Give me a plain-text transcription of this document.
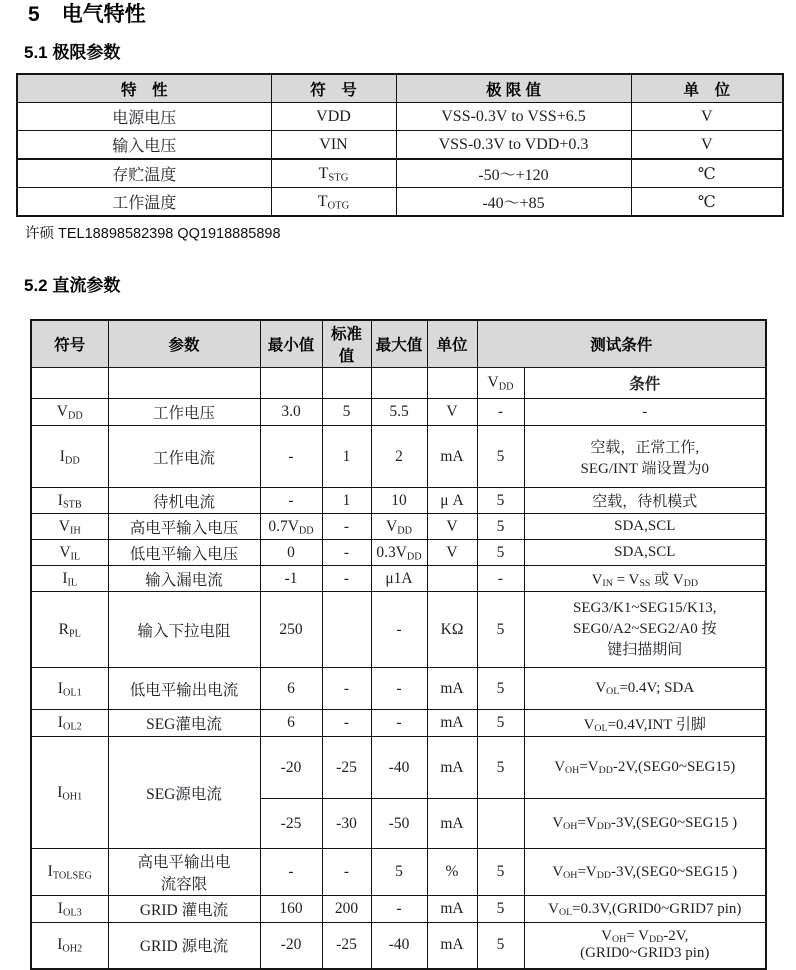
5 电气特性
5.1 极限参数
特　性	符　号	极 限 值	单　位
电源电压	VDD	VSS-0.3V to VSS+6.5	V
输入电压	VIN	VSS-0.3V to VDD+0.3	V
存贮温度	$T_{STG}$	-50～+120	℃
工作温度	$T_{OTG}$	-40～+85	℃
许硕 TEL18898582398 QQ1918885898
5.2 直流参数
符号	参数	最小值	标准值	最大值	单位	测试条件	
						$V_{DD}$	条件
$V_{DD}$	工作电压	3.0	5	5.5	V	-	-
$I_{DD}$	工作电流	-	1	2	mA	5	空载，正常工作,
SEG/INT 端设置为0
$I_{STB}$	待机电流	-	1	10	μ A	5	空载，待机模式
$V_{IH}$	高电平输入电压	$0.7V_{DD}$	-	$V_{DD}$	V	5	SDA,SCL
$V_{IL}$	低电平输入电压	0	-	$0.3V_{DD}$	V	5	SDA,SCL
$I_{IL}$	输入漏电流	-1	-	μ1A		-	$V_{IN} = V_{SS}$ 或 $V_{DD}$
$R_{PL}$	输入下拉电阻	250		-	KΩ	5	SEG3/K1~SEG15/K13,
SEG0/A2~SEG2/A0 按
键扫描期间
$I_{OL1}$	低电平输出电流	6	-	-	mA	5	$V_{OL}=0.4V$; SDA
$I_{OL2}$	SEG灌电流	6	-	-	mA	5	$V_{OL}=0.4V,INT$ 引脚
$I_{OH1}$	SEG源电流	-20	-25	-40	mA	5	$V_{OH}=V_{DD}-2V,(SEG0\sim SEG15)$
		-25	-30	-50	mA		$V_{OH}=V_{DD}-3V,(SEG0\sim SEG15$ )
$I_{TOLSEG}$	高电平输出电
流容限	-	-	5	%	5	$V_{OH}=V_{DD}-3V,(SEG0\sim SEG15$ )
$I_{OL3}$	GRID 灌电流	160	200	-	mA	5	$V_{OL}=0.3V,(GRID0\sim GRID7$ pin)
$I_{OH2}$	GRID 源电流	-20	-25	-40	mA	5	$V_{OH}= V_{DD}-2V$,
(GRID0~GRID3 pin)
